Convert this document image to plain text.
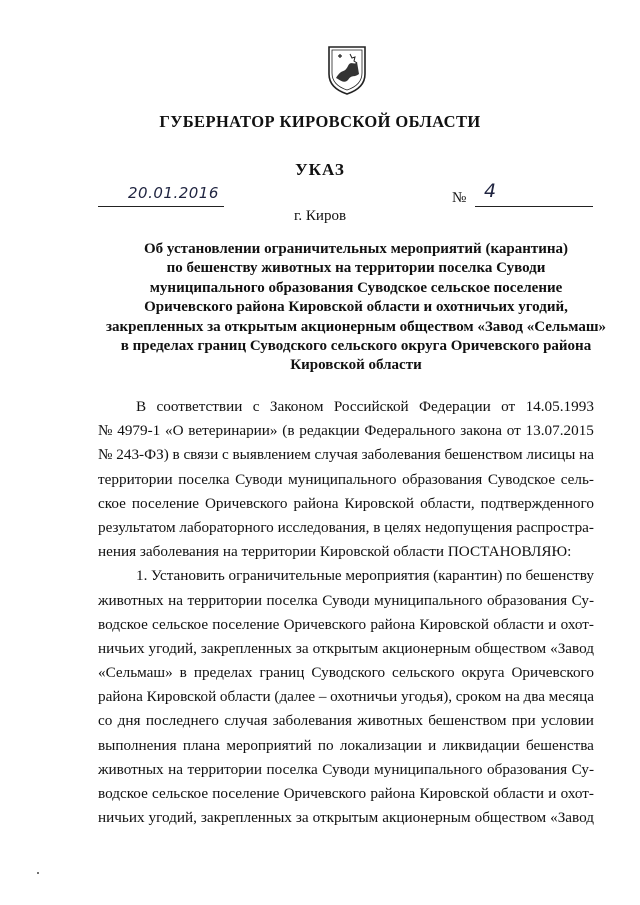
ГУБЕРНАТОР КИРОВСКОЙ ОБЛАСТИ
УКАЗ
20.01.2016	№ 4
г. Киров
Об установлении ограничительных мероприятий (карантина)
по бешенству животных на территории поселка Суводи
муниципального образования Суводское сельское поселение
Оричевского района Кировской области и охотничьих угодий,
закрепленных за открытым акционерным обществом «Завод «Сельмаш»
в пределах границ Суводского сельского округа Оричевского района
Кировской области
В соответствии с Законом Российской Федерации от 14.05.1993
№ 4979-1 «О ветеринарии» (в редакции Федерального закона от 13.07.2015
№ 243-ФЗ) в связи с выявлением случая заболевания бешенством лисицы на
территории поселка Суводи муниципального образования Суводское сель-
ское поселение Оричевского района Кировской области, подтвержденного
результатом лабораторного исследования, в целях недопущения распростра-
нения заболевания на территории Кировской области ПОСТАНОВЛЯЮ:
1. Установить ограничительные мероприятия (карантин) по бешенству
животных на территории поселка Суводи муниципального образования Су-
водское сельское поселение Оричевского района Кировской области и охот-
ничьих угодий, закрепленных за открытым акционерным обществом «Завод
«Сельмаш» в пределах границ Суводского сельского округа Оричевского
района Кировской области (далее – охотничьи угодья), сроком на два месяца
со дня последнего случая заболевания животных бешенством при условии
выполнения плана мероприятий по локализации и ликвидации бешенства
животных на территории поселка Суводи муниципального образования Су-
водское сельское поселение Оричевского района Кировской области и охот-
ничьих угодий, закрепленных за открытым акционерным обществом «Завод
